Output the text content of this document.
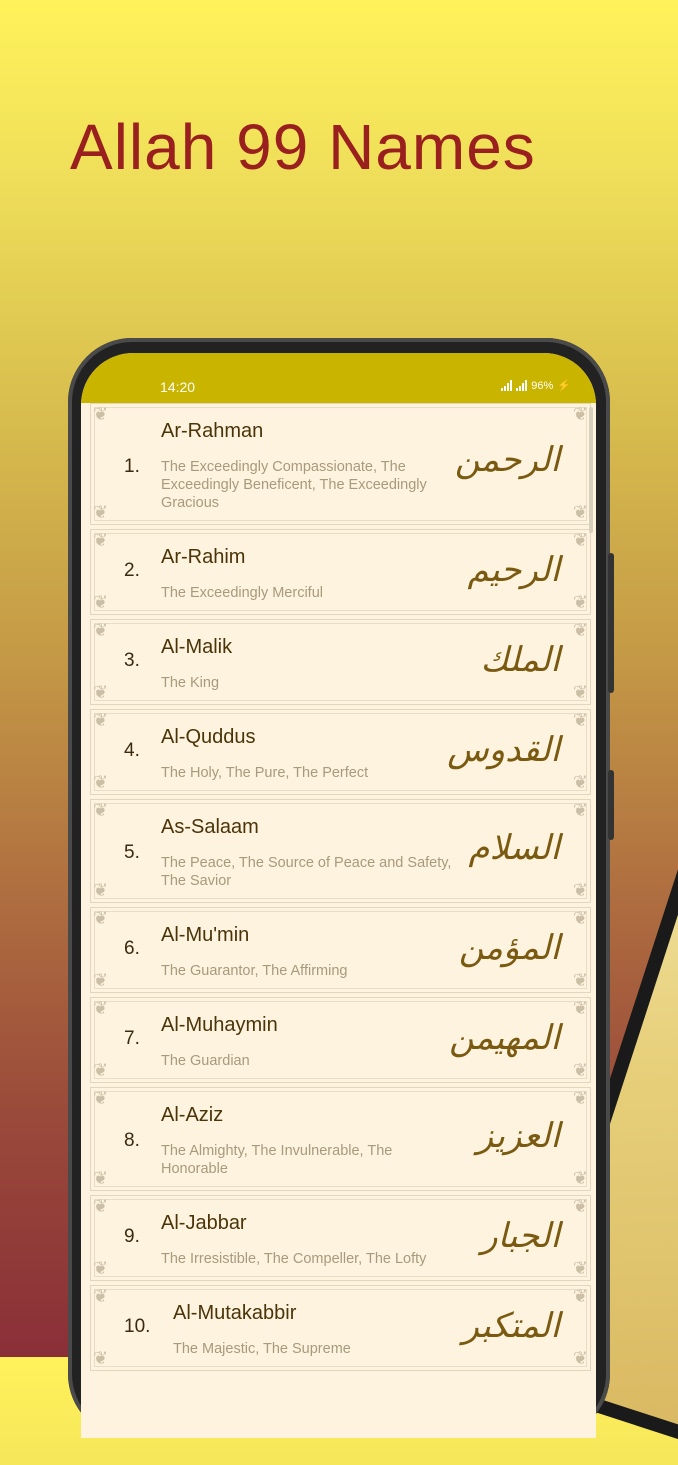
Allah 99 Names
14:20	96% ⚡
❦	❦
❦	❦
1.
Ar-Rahman
The Exceedingly Compassionate, The Exceedingly Beneficent, The Exceedingly Gracious
الرحمن
❦	❦
❦	❦
2.
Ar-Rahim
The Exceedingly Merciful
الرحيم
❦	❦
❦	❦
3.
Al-Malik
The King
الملك
❦	❦
❦	❦
4.
Al-Quddus
The Holy, The Pure, The Perfect
القدوس
❦	❦
❦	❦
5.
As-Salaam
The Peace, The Source of Peace and Safety, The Savior
السلام
❦	❦
❦	❦
6.
Al-Mu'min
The Guarantor, The Affirming
المؤمن
❦	❦
❦	❦
7.
Al-Muhaymin
The Guardian
المهيمن
❦	❦
❦	❦
8.
Al-Aziz
The Almighty, The Invulnerable, The Honorable
العزيز
❦	❦
❦	❦
9.
Al-Jabbar
The Irresistible, The Compeller, The Lofty
الجبار
❦	❦
❦	❦
10.
Al-Mutakabbir
The Majestic, The Supreme
المتكبر
